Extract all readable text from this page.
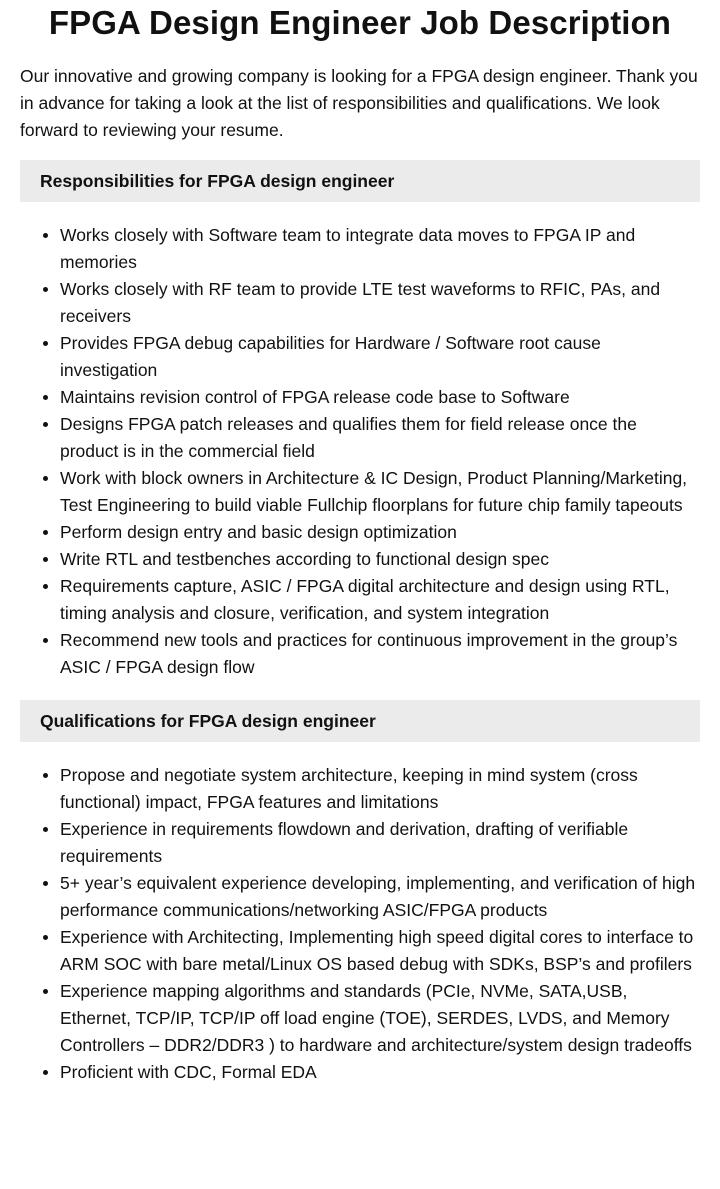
FPGA Design Engineer Job Description

Our innovative and growing company is looking for a FPGA design engineer. Thank you in advance for taking a look at the list of responsibilities and qualifications. We look forward to reviewing your resume.

Responsibilities for FPGA design engineer
Works closely with Software team to integrate data moves to FPGA IP and memories
Works closely with RF team to provide LTE test waveforms to RFIC, PAs, and receivers
Provides FPGA debug capabilities for Hardware / Software root cause investigation
Maintains revision control of FPGA release code base to Software
Designs FPGA patch releases and qualifies them for field release once the product is in the commercial field
Work with block owners in Architecture & IC Design, Product Planning/Marketing, Test Engineering to build viable Fullchip floorplans for future chip family tapeouts
Perform design entry and basic design optimization
Write RTL and testbenches according to functional design spec
Requirements capture, ASIC / FPGA digital architecture and design using RTL, timing analysis and closure, verification, and system integration
Recommend new tools and practices for continuous improvement in the group’s ASIC / FPGA design flow
Qualifications for FPGA design engineer
Propose and negotiate system architecture, keeping in mind system (cross functional) impact, FPGA features and limitations
Experience in requirements flowdown and derivation, drafting of verifiable requirements
5+ year’s equivalent experience developing, implementing, and verification of high performance communications/networking ASIC/FPGA products
Experience with Architecting, Implementing high speed digital cores to interface to ARM SOC with bare metal/Linux OS based debug with SDKs, BSP’s and profilers
Experience mapping algorithms and standards (PCIe, NVMe, SATA,USB, Ethernet, TCP/IP, TCP/IP off load engine (TOE), SERDES, LVDS, and Memory Controllers – DDR2/DDR3 ) to hardware and architecture/system design tradeoffs
Proficient with CDC, Formal EDA
